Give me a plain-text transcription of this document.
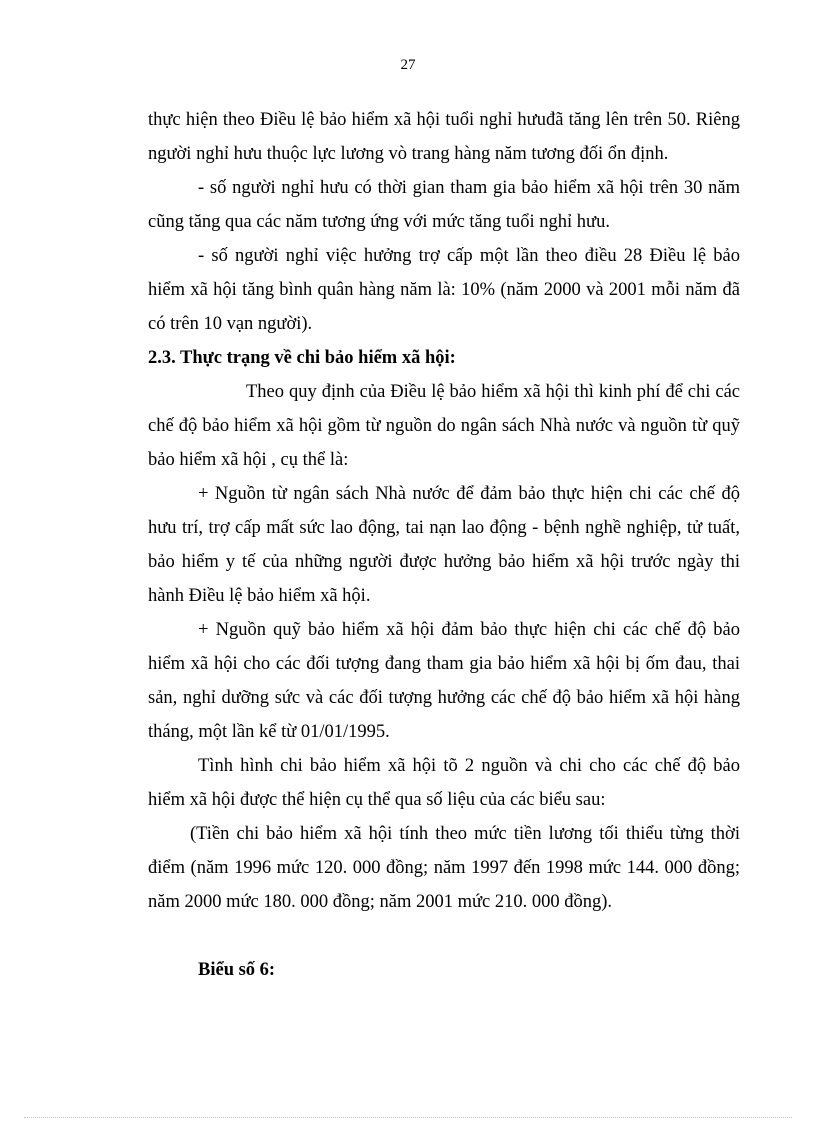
27

thực hiện theo Điều lệ bảo hiểm xã hội tuổi nghỉ hưuđã tăng lên trên 50. Riêng người nghỉ hưu thuộc lực lương vò trang hàng năm tương đối ổn định.

- số người nghỉ hưu có thời gian tham gia bảo hiểm xã hội trên 30 năm cũng tăng qua các năm tương ứng với mức tăng tuổi nghỉ hưu.

- số người nghỉ việc hưởng trợ cấp một lần theo điều 28 Điều lệ bảo hiểm xã hội tăng bình quân hàng năm là: 10% (năm 2000 và 2001 mỗi năm đã có trên 10 vạn người).

2.3. Thực trạng về chi bảo hiểm xã hội:

Theo quy định của Điều lệ bảo hiểm xã hội thì kinh phí để chi các chế độ bảo hiểm xã hội gồm từ nguồn do ngân sách Nhà nước và nguồn từ quỹ bảo hiểm xã hội , cụ thể là:

+ Nguồn từ ngân sách Nhà nước để đảm bảo thực hiện chi các chế độ hưu trí, trợ cấp mất sức lao động, tai nạn lao động - bệnh nghề nghiệp, tử tuất, bảo hiểm y tế của những người được hưởng bảo hiểm xã hội trước ngày thi hành Điều lệ bảo hiểm xã hội.

+ Nguồn quỹ bảo hiểm xã hội đảm bảo thực hiện chi các chế độ bảo hiểm xã hội cho các đối tượng đang tham gia bảo hiểm xã hội bị ốm đau, thai sản, nghỉ dưỡng sức và các đối tượng hưởng các chế độ bảo hiểm xã hội hàng tháng, một lần kể từ 01/01/1995.

Tình hình chi bảo hiểm xã hội tõ 2 nguồn và chi cho các chế độ bảo hiểm xã hội được thể hiện cụ thể qua số liệu của các biểu sau:

(Tiền chi bảo hiểm xã hội tính theo mức tiền lương tối thiểu từng thời điểm (năm 1996 mức 120. 000 đồng; năm 1997 đến 1998 mức 144. 000 đồng; năm 2000 mức 180. 000 đồng; năm 2001 mức 210. 000 đồng).

Biểu số 6:
